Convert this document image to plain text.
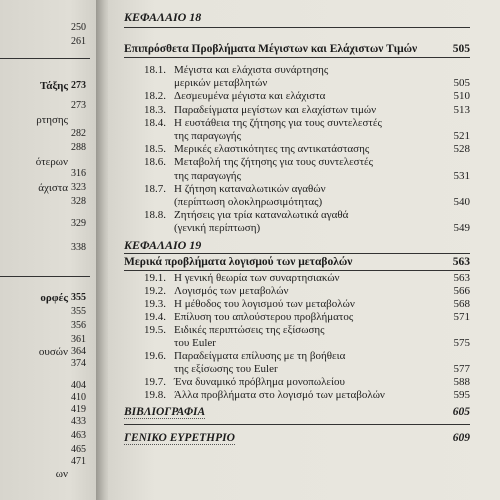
250
261
Τάξης 273
273
ρτησης
282
288
ότερων
316
άχιστα 323
328
329
338
ορφές 355
355
356
361
ουσών 364
374
404
410
419
433
463
465
471
ων
ΚΕΦΑΛΑΙΟ 18
Επιπρόσθετα Προβλήματα Μέγιστων και Ελάχιστων Τιμών	505
18.1. Μέγιστα και ελάχιστα συνάρτησης
μερικών μεταβλητών	505
18.2. Δεσμευμένα μέγιστα και ελάχιστα	510
18.3. Παραδείγματα μεγίστων και ελαχίστων τιμών	513
18.4. Η ευστάθεια της ζήτησης για τους συντελεστές
της παραγωγής	521
18.5. Μερικές ελαστικότητες της αντικατάστασης	528
18.6. Μεταβολή της ζήτησης για τους συντελεστές
της παραγωγής	531
18.7. Η ζήτηση καταναλωτικών αγαθών
(περίπτωση ολοκληρωσιμότητας)	540
18.8. Ζητήσεις για τρία καταναλωτικά αγαθά
(γενική περίπτωση)	549
ΚΕΦΑΛΑΙΟ 19
Μερικά προβλήματα λογισμού των μεταβολών	563
19.1. Η γενική θεωρία των συναρτησιακών	563
19.2. Λογισμός των μεταβολών	566
19.3. Η μέθοδος του λογισμού των μεταβολών	568
19.4. Επίλυση του απλούστερου προβλήματος	571
19.5. Ειδικές περιπτώσεις της εξίσωσης
του Euler	575
19.6. Παραδείγματα επίλυσης με τη βοήθεια
της εξίσωσης του Euler	577
19.7. Ένα δυναμικό πρόβλημα μονοπωλείου	588
19.8. Άλλα προβλήματα στο λογισμό των μεταβολών	595
ΒΙΒΛΙΟΓΡΑΦΙΑ	605
ΓΕΝΙΚΟ ΕΥΡΕΤΗΡΙΟ	609
